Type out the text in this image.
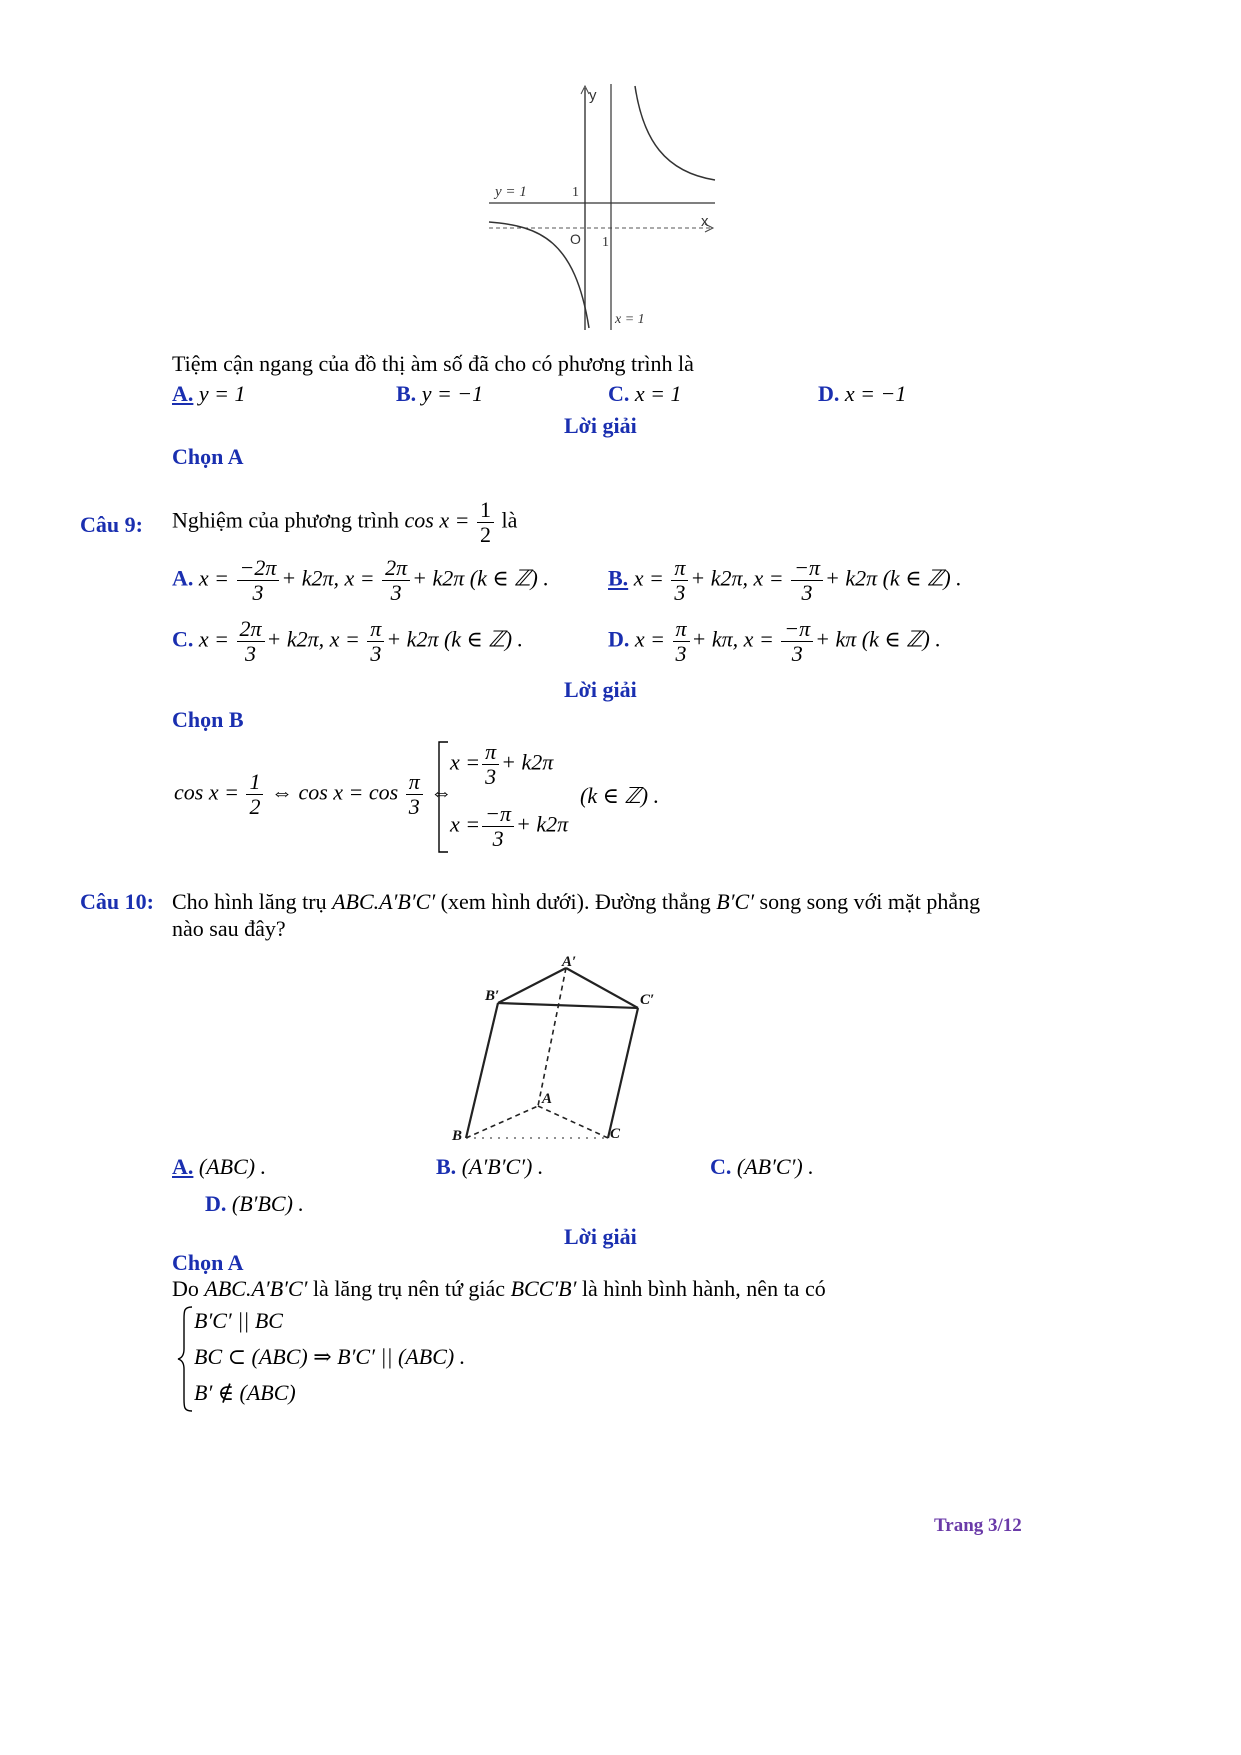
y
x
O
1
1
y = 1
x = 1
Tiệm cận ngang của đồ thị àm số đã cho có phương trình là
A. y = 1	B. y = −1	C. x = 1	D. x = −1
Lời giải
Chọn A
Câu 9: Nghiệm của phương trình $\cos x = \frac{1}{2}$ là
A. $x = \frac{-2\pi}{3} + k2\pi$, $x = \frac{2\pi}{3} + k2\pi$ (k ∈ ℤ) .	B. $x = \frac{\pi}{3} + k2\pi$, $x = \frac{-\pi}{3} + k2\pi$ (k ∈ ℤ) .
C. $x = \frac{2\pi}{3} + k2\pi$, $x = \frac{\pi}{3} + k2\pi$ (k ∈ ℤ) .	D. $x = \frac{\pi}{3} + k\pi$, $x = \frac{-\pi}{3} + k\pi$ (k ∈ ℤ) .
Lời giải
Chọn B
$\cos x = \frac{1}{2}$ ⇔ $\cos x = \cos \frac{\pi}{3}$ ⇔
$x = \frac{\pi}{3} + k2\pi$
$x = \frac{-\pi}{3} + k2\pi$
(k ∈ ℤ) .
Câu 10: Cho hình lăng trụ ABC.A′B′C′ (xem hình dưới). Đường thẳng B′C′ song song với mặt phẳng
nào sau đây?
A′
B′	C′
A
B	C
A. (ABC) .	B. (A′B′C′) .	C. (AB′C′) .
D. (B′BC) .
Lời giải
Chọn A
Do ABC.A′B′C′ là lăng trụ nên tứ giác BCC′B′ là hình bình hành, nên ta có
B′C′ || BC
BC ⊂ (ABC) ⇒ B′C′ || (ABC) .
B′ ∉ (ABC)
Trang 3/12
